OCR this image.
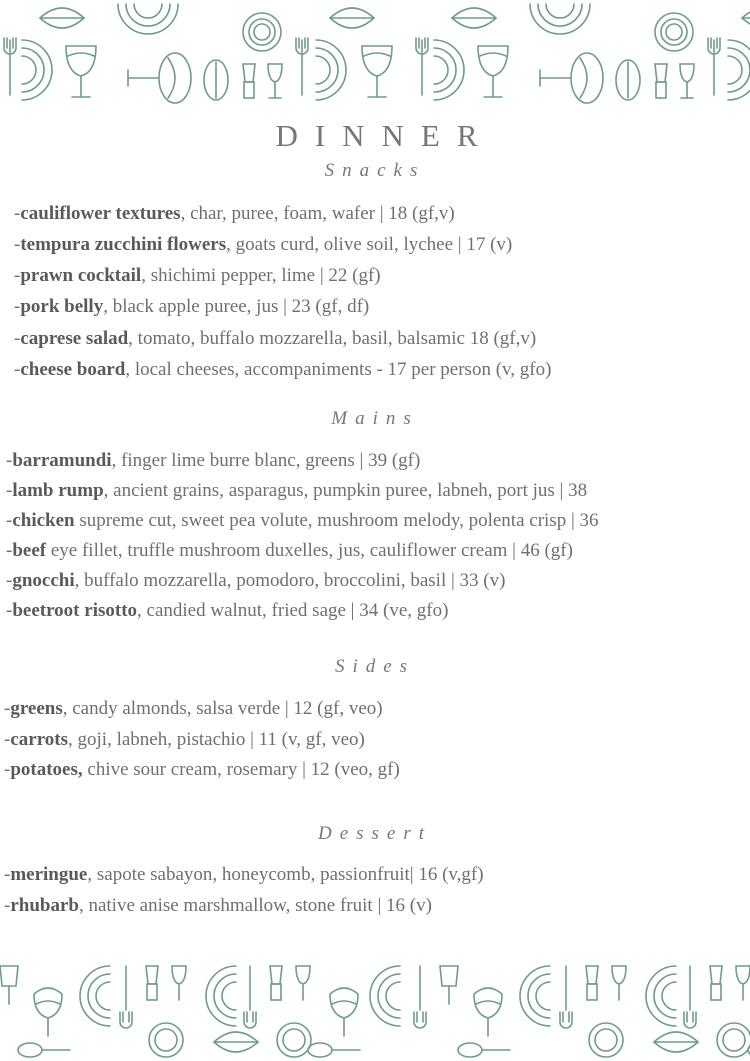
DINNER
Snacks
-cauliflower textures, char, puree, foam, wafer | 18 (gf,v)
-tempura zucchini flowers, goats curd, olive soil, lychee | 17 (v)
-prawn cocktail, shichimi pepper, lime | 22 (gf)
-pork belly, black apple puree, jus | 23 (gf, df)
-caprese salad, tomato, buffalo mozzarella, basil, balsamic 18 (gf,v)
-cheese board, local cheeses, accompaniments - 17 per person (v, gfo)
Mains
-barramundi, finger lime burre blanc, greens | 39 (gf)
-lamb rump, ancient grains, asparagus, pumpkin puree, labneh, port jus | 38
-chicken supreme cut, sweet pea volute, mushroom melody, polenta crisp | 36
-beef eye fillet, truffle mushroom duxelles, jus, cauliflower cream | 46 (gf)
-gnocchi, buffalo mozzarella, pomodoro, broccolini, basil | 33 (v)
-beetroot risotto, candied walnut, fried sage | 34 (ve, gfo)
Sides
-greens, candy almonds, salsa verde | 12 (gf, veo)
-carrots, goji, labneh, pistachio | 11 (v, gf, veo)
-potatoes, chive sour cream, rosemary | 12 (veo, gf)
Dessert
-meringue, sapote sabayon, honeycomb, passionfruit| 16 (v,gf)
-rhubarb, native anise marshmallow, stone fruit | 16 (v)
